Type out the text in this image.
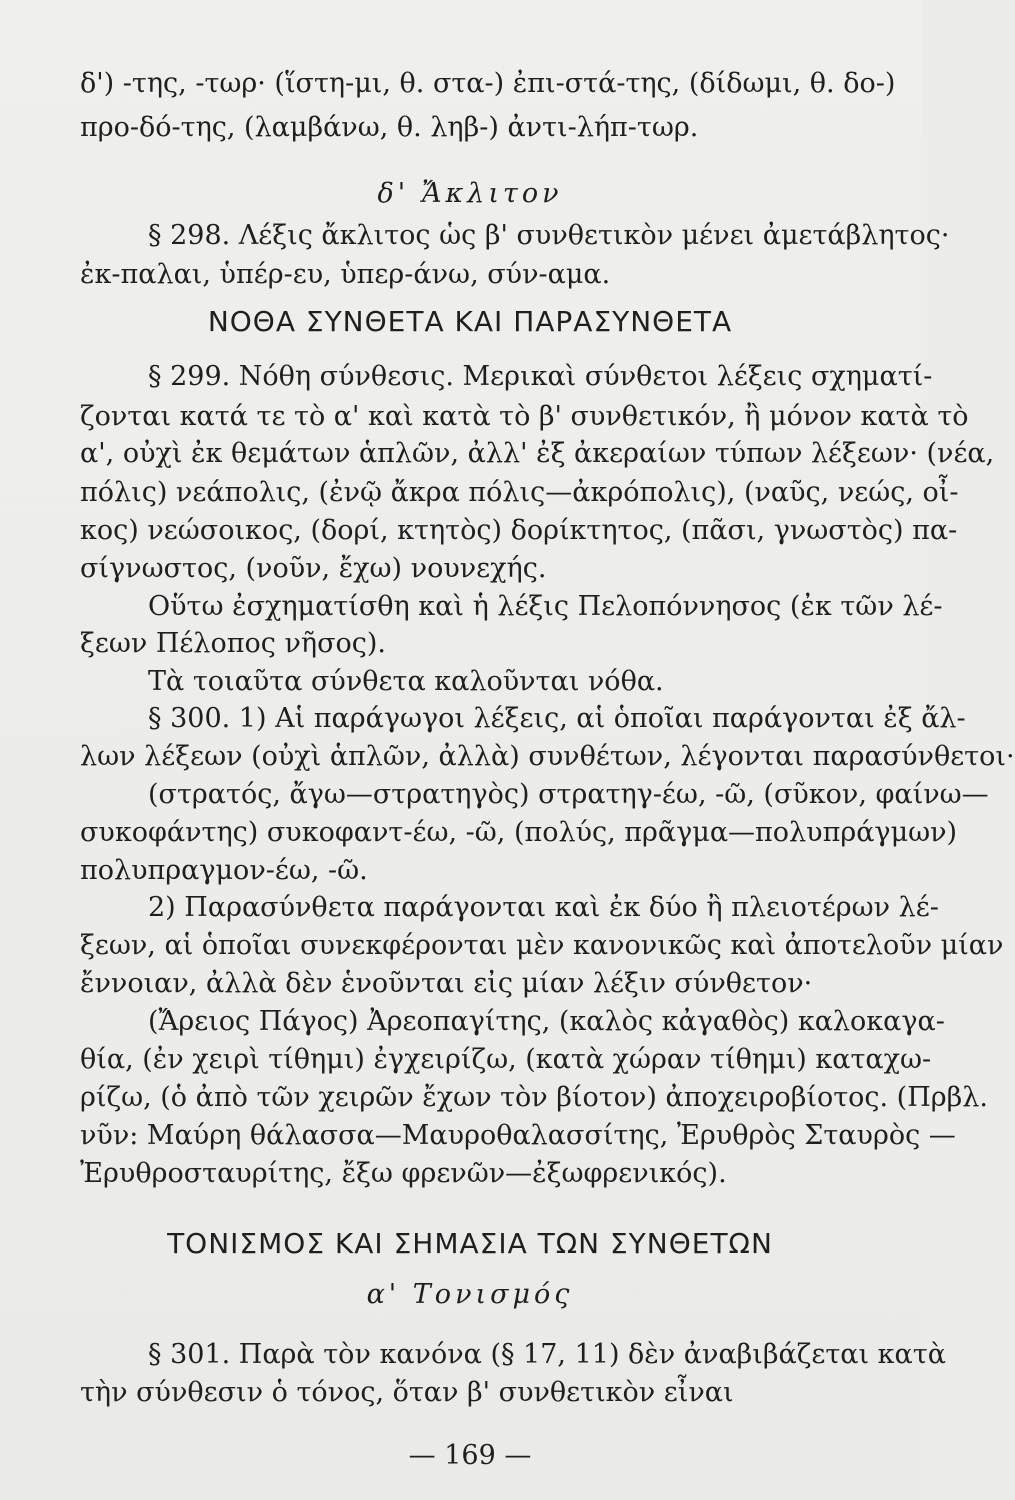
δ') -της, -τωρ· (ἵστη-μι, θ. στα-) ἐπι-στά-της, (δίδωμι, θ. δο-)
προ-δό-της, (λαμβάνω, θ. ληβ-) ἀντι-λήπ-τωρ.
δ' Ἄκλιτον
§ 298. Λέξις ἄκλιτος ὡς β' συνθετικὸν μένει ἀμετάβλητος·
ἐκ-παλαι, ὑπέρ-ευ, ὑπερ-άνω, σύν-αμα.
ΝΟΘΑ ΣΥΝΘΕΤΑ ΚΑΙ ΠΑΡΑΣΥΝΘΕΤΑ
§ 299. Νόθη σύνθεσις. Μερικαὶ σύνθετοι λέξεις σχηματί-
ζονται κατά τε τὸ α' καὶ κατὰ τὸ β' συνθετικόν, ἢ μόνον κατὰ τὸ
α', οὐχὶ ἐκ θεμάτων ἁπλῶν, ἀλλ' ἐξ ἀκεραίων τύπων λέξεων· (νέα,
πόλις) νεάπολις, (ἐνῷ ἄκρα πόλις—ἀκρόπολις), (ναῦς, νεώς, οἶ-
κος) νεώσοικος, (δορί, κτητὸς) δορίκτητος, (πᾶσι, γνωστὸς) πα-
σίγνωστος, (νοῦν, ἔχω) νουνεχής.
Οὕτω ἐσχηματίσθη καὶ ἡ λέξις Πελοπόννησος (ἐκ τῶν λέ-
ξεων Πέλοπος νῆσος).
Τὰ τοιαῦτα σύνθετα καλοῦνται νόθα.
§ 300. 1) Αἱ παράγωγοι λέξεις, αἱ ὁποῖαι παράγονται ἐξ ἄλ-
λων λέξεων (οὐχὶ ἁπλῶν, ἀλλὰ) συνθέτων, λέγονται παρασύνθετοι·
(στρατός, ἄγω—στρατηγὸς) στρατηγ-έω, -ῶ, (σῦκον, φαίνω—
συκοφάντης) συκοφαντ-έω, -ῶ, (πολύς, πρᾶγμα—πολυπράγμων)
πολυπραγμον-έω, -ῶ.
2) Παρασύνθετα παράγονται καὶ ἐκ δύο ἢ πλειοτέρων λέ-
ξεων, αἱ ὁποῖαι συνεκφέρονται μὲν κανονικῶς καὶ ἀποτελοῦν μίαν
ἔννοιαν, ἀλλὰ δὲν ἑνοῦνται εἰς μίαν λέξιν σύνθετον·
(Ἄρειος Πάγος) Ἀρεοπαγίτης, (καλὸς κἀγαθὸς) καλοκαγα-
θία, (ἐν χειρὶ τίθημι) ἐγχειρίζω, (κατὰ χώραν τίθημι) καταχω-
ρίζω, (ὁ ἀπὸ τῶν χειρῶν ἔχων τὸν βίοτον) ἀποχειροβίοτος. (Πρβλ.
νῦν: Μαύρη θάλασσα—Μαυροθαλασσίτης, Ἐρυθρὸς Σταυρὸς —
Ἐρυθροσταυρίτης, ἔξω φρενῶν—ἐξωφρενικός).
ΤΟΝΙΣΜΟΣ ΚΑΙ ΣΗΜΑΣΙΑ ΤΩΝ ΣΥΝΘΕΤΩΝ
α' Τονισμός
§ 301. Παρὰ τὸν κανόνα (§ 17, 11) δὲν ἀναβιβάζεται κατὰ
τὴν σύνθεσιν ὁ τόνος, ὅταν β' συνθετικὸν εἶναι
— 169 —
